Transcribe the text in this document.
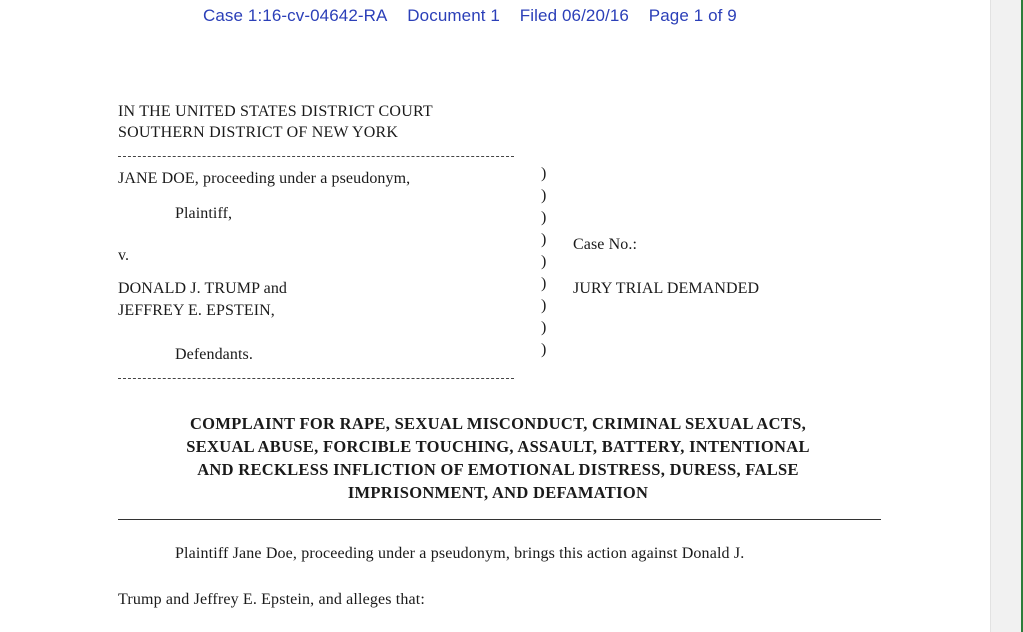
Case 1:16-cv-04642-RA Document 1 Filed 06/20/16 Page 1 of 9
IN THE UNITED STATES DISTRICT COURT
SOUTHERN DISTRICT OF NEW YORK
JANE DOE, proceeding under a pseudonym,
Plaintiff,
v.
DONALD J. TRUMP and
JEFFREY E. EPSTEIN,
Defendants.
)
)
)
)
)
)
)
)
)
Case No.:
JURY TRIAL DEMANDED
COMPLAINT FOR RAPE, SEXUAL MISCONDUCT, CRIMINAL SEXUAL ACTS,
SEXUAL ABUSE, FORCIBLE TOUCHING, ASSAULT, BATTERY, INTENTIONAL
AND RECKLESS INFLICTION OF EMOTIONAL DISTRESS, DURESS, FALSE
IMPRISONMENT, AND DEFAMATION
Plaintiff Jane Doe, proceeding under a pseudonym, brings this action against Donald J.
Trump and Jeffrey E. Epstein, and alleges that:
